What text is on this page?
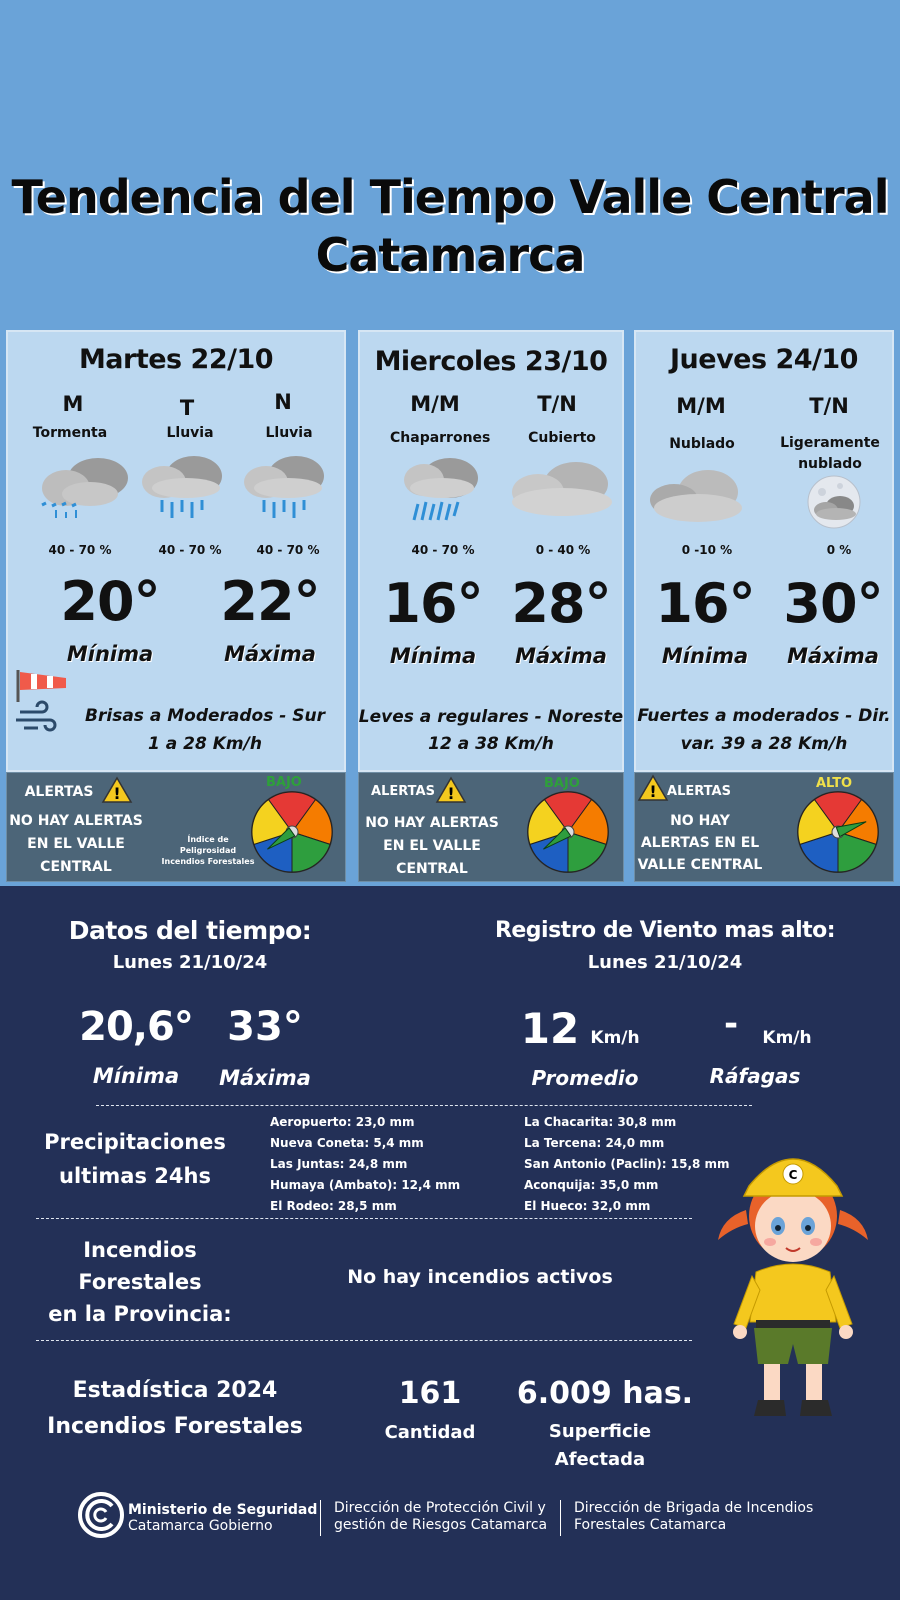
Tendencia del Tiempo Valle Central
Catamarca
Martes 22/10
M	T	N
Tormenta	Lluvia	Lluvia
40 - 70 %	40 - 70 %	40 - 70 %
20°	22°
Mínima	Máxima
Brisas a Moderados - Sur
1 a 28 Km/h
ALERTAS !
NO HAY ALERTAS
EN EL VALLE
CENTRAL
Índice de
Peligrosidad
Incendios Forestales
Miercoles 23/10
M/M	T/N
Chaparrones	Cubierto
40 - 70 %	0 - 40 %
16° 28°
Mínima	Máxima
Leves a regulares - Noreste
12 a 38 Km/h
ALERTAS !
NO HAY ALERTAS
EN EL VALLE
CENTRAL
Jueves 24/10
M/M	T/N
Nublado	Ligeramente
nublado
0 -10 %	0 %
16° 30°
Mínima	Máxima
Fuertes a moderados - Dir.
var. 39 a 28 Km/h
! ALERTAS
NO HAY
ALERTAS EN EL
VALLE CENTRAL
BAJO	BAJO	ALTO
Datos del tiempo:
Lunes 21/10/24
20,6° 33°
Mínima	Máxima
Registro de Viento mas alto:
Lunes 21/10/24
12 Km/h
Promedio
-	Km/h
Ráfagas
Precipitaciones
ultimas 24hs
Aeropuerto: 23,0 mm
Nueva Coneta: 5,4 mm
Las Juntas: 24,8 mm
Humaya (Ambato): 12,4 mm
El Rodeo: 28,5 mm
La Chacarita: 30,8 mm
La Tercena: 24,0 mm
San Antonio (Paclin): 15,8 mm
Aconquija: 35,0 mm
El Hueco: 32,0 mm
Incendios
Forestales
en la Provincia:
No hay incendios activos
Estadística 2024
Incendios Forestales
161
Cantidad
6.009 has.
Superficie
Afectada
C
Ministerio de Seguridad
Catamarca Gobierno
Dirección de Protección Civil y
gestión de Riesgos Catamarca
Dirección de Brigada de Incendios
Forestales Catamarca
